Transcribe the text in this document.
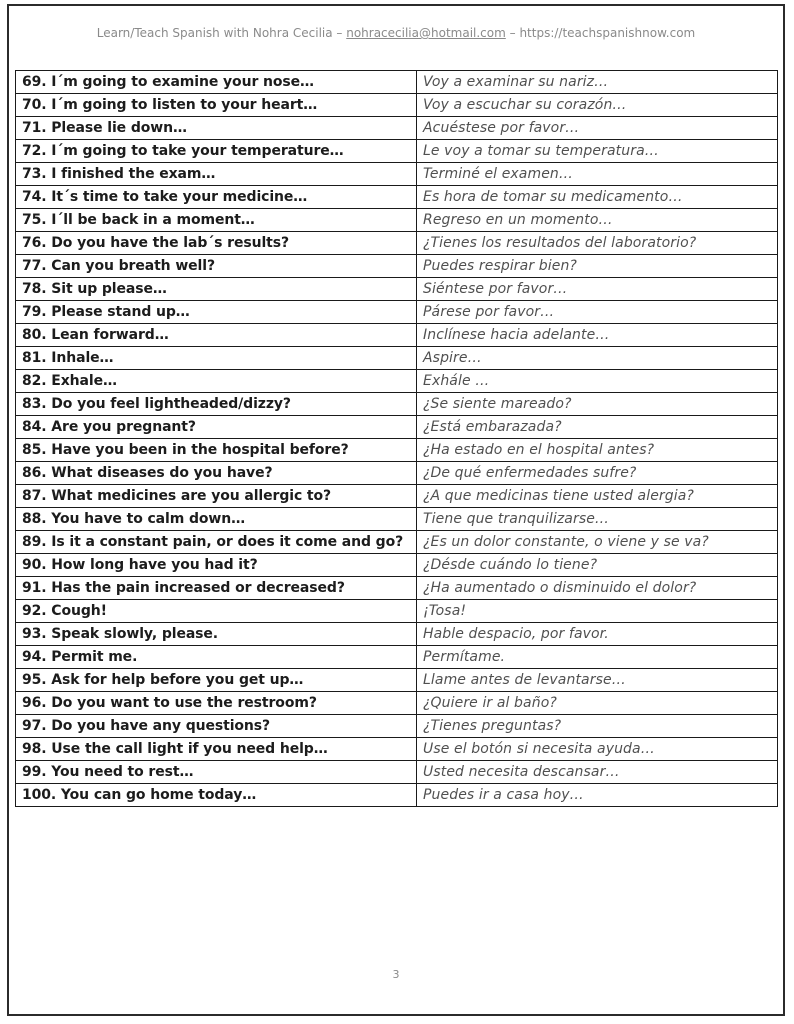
Learn/Teach Spanish with Nohra Cecilia – nohracecilia@hotmail.com – https://teachspanishnow.com
69. I´m going to examine your nose…	Voy a examinar su nariz…
70. I´m going to listen to your heart…	Voy a escuchar su corazón…
71. Please lie down…	Acuéstese por favor…
72. I´m going to take your temperature…	Le voy a tomar su temperatura…
73. I finished the exam…	Terminé el examen…
74. It´s time to take your medicine…	Es hora de tomar su medicamento…
75. I´ll be back in a moment…	Regreso en un momento…
76. Do you have the lab´s results?	¿Tienes los resultados del laboratorio?
77. Can you breath well?	Puedes respirar bien?
78. Sit up please…	Siéntese por favor…
79. Please stand up…	Párese por favor…
80. Lean forward…	Inclínese hacia adelante…
81. Inhale…	Aspire…
82. Exhale…	Exhále …
83. Do you feel lightheaded/dizzy?	¿Se siente mareado?
84. Are you pregnant?	¿Está embarazada?
85. Have you been in the hospital before?	¿Ha estado en el hospital antes?
86. What diseases do you have?	¿De qué enfermedades sufre?
87. What medicines are you allergic to?	¿A que medicinas tiene usted alergia?
88. You have to calm down…	Tiene que tranquilizarse…
89. Is it a constant pain, or does it come and go?	¿Es un dolor constante, o viene y se va?
90. How long have you had it?	¿Désde cuándo lo tiene?
91. Has the pain increased or decreased?	¿Ha aumentado o disminuido el dolor?
92. Cough!	¡Tosa!
93. Speak slowly, please.	Hable despacio, por favor.
94. Permit me.	Permítame.
95. Ask for help before you get up…	Llame antes de levantarse…
96. Do you want to use the restroom?	¿Quiere ir al baño?
97. Do you have any questions?	¿Tienes preguntas?
98. Use the call light if you need help…	Use el botón si necesita ayuda…
99. You need to rest…	Usted necesita descansar…
100. You can go home today…	Puedes ir a casa hoy…
3
